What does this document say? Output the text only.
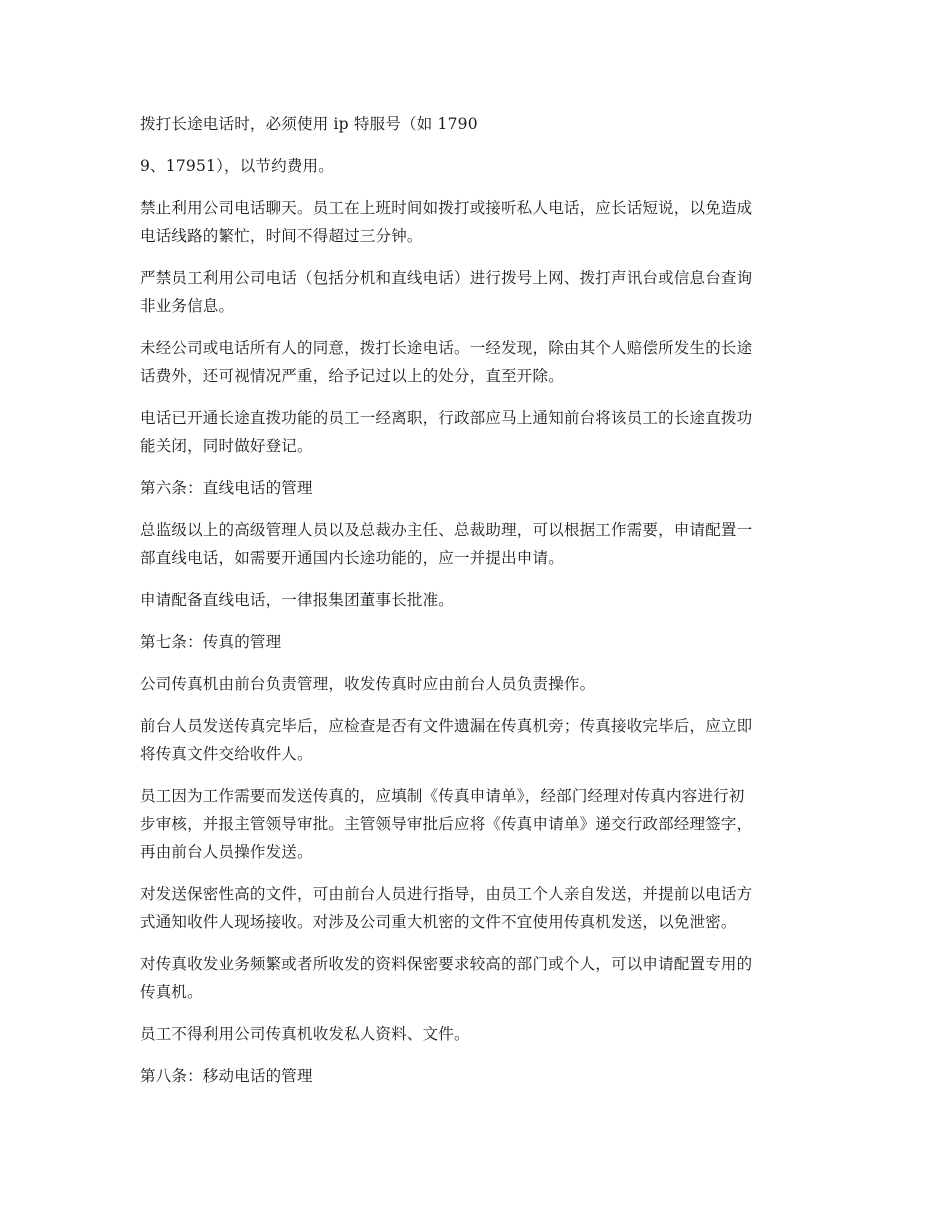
拨打长途电话时，必须使用 ip 特服号（如 1790

9、17951），以节约费用。

禁止利用公司电话聊天。员工在上班时间如拨打或接听私人电话，应长话短说，以免造成
电话线路的繁忙，时间不得超过三分钟。

严禁员工利用公司电话（包括分机和直线电话）进行拨号上网、拨打声讯台或信息台查询
非业务信息。

未经公司或电话所有人的同意，拨打长途电话。一经发现，除由其个人赔偿所发生的长途
话费外，还可视情况严重，给予记过以上的处分，直至开除。

电话已开通长途直拨功能的员工一经离职，行政部应马上通知前台将该员工的长途直拨功
能关闭，同时做好登记。

第六条：直线电话的管理

总监级以上的高级管理人员以及总裁办主任、总裁助理，可以根据工作需要，申请配置一
部直线电话，如需要开通国内长途功能的，应一并提出申请。

申请配备直线电话，一律报集团董事长批准。

第七条：传真的管理

公司传真机由前台负责管理，收发传真时应由前台人员负责操作。

前台人员发送传真完毕后，应检查是否有文件遗漏在传真机旁；传真接收完毕后，应立即
将传真文件交给收件人。

员工因为工作需要而发送传真的，应填制《传真申请单》，经部门经理对传真内容进行初
步审核，并报主管领导审批。主管领导审批后应将《传真申请单》递交行政部经理签字，
再由前台人员操作发送。

对发送保密性高的文件，可由前台人员进行指导，由员工个人亲自发送，并提前以电话方
式通知收件人现场接收。对涉及公司重大机密的文件不宜使用传真机发送，以免泄密。

对传真收发业务频繁或者所收发的资料保密要求较高的部门或个人，可以申请配置专用的
传真机。

员工不得利用公司传真机收发私人资料、文件。

第八条：移动电话的管理
